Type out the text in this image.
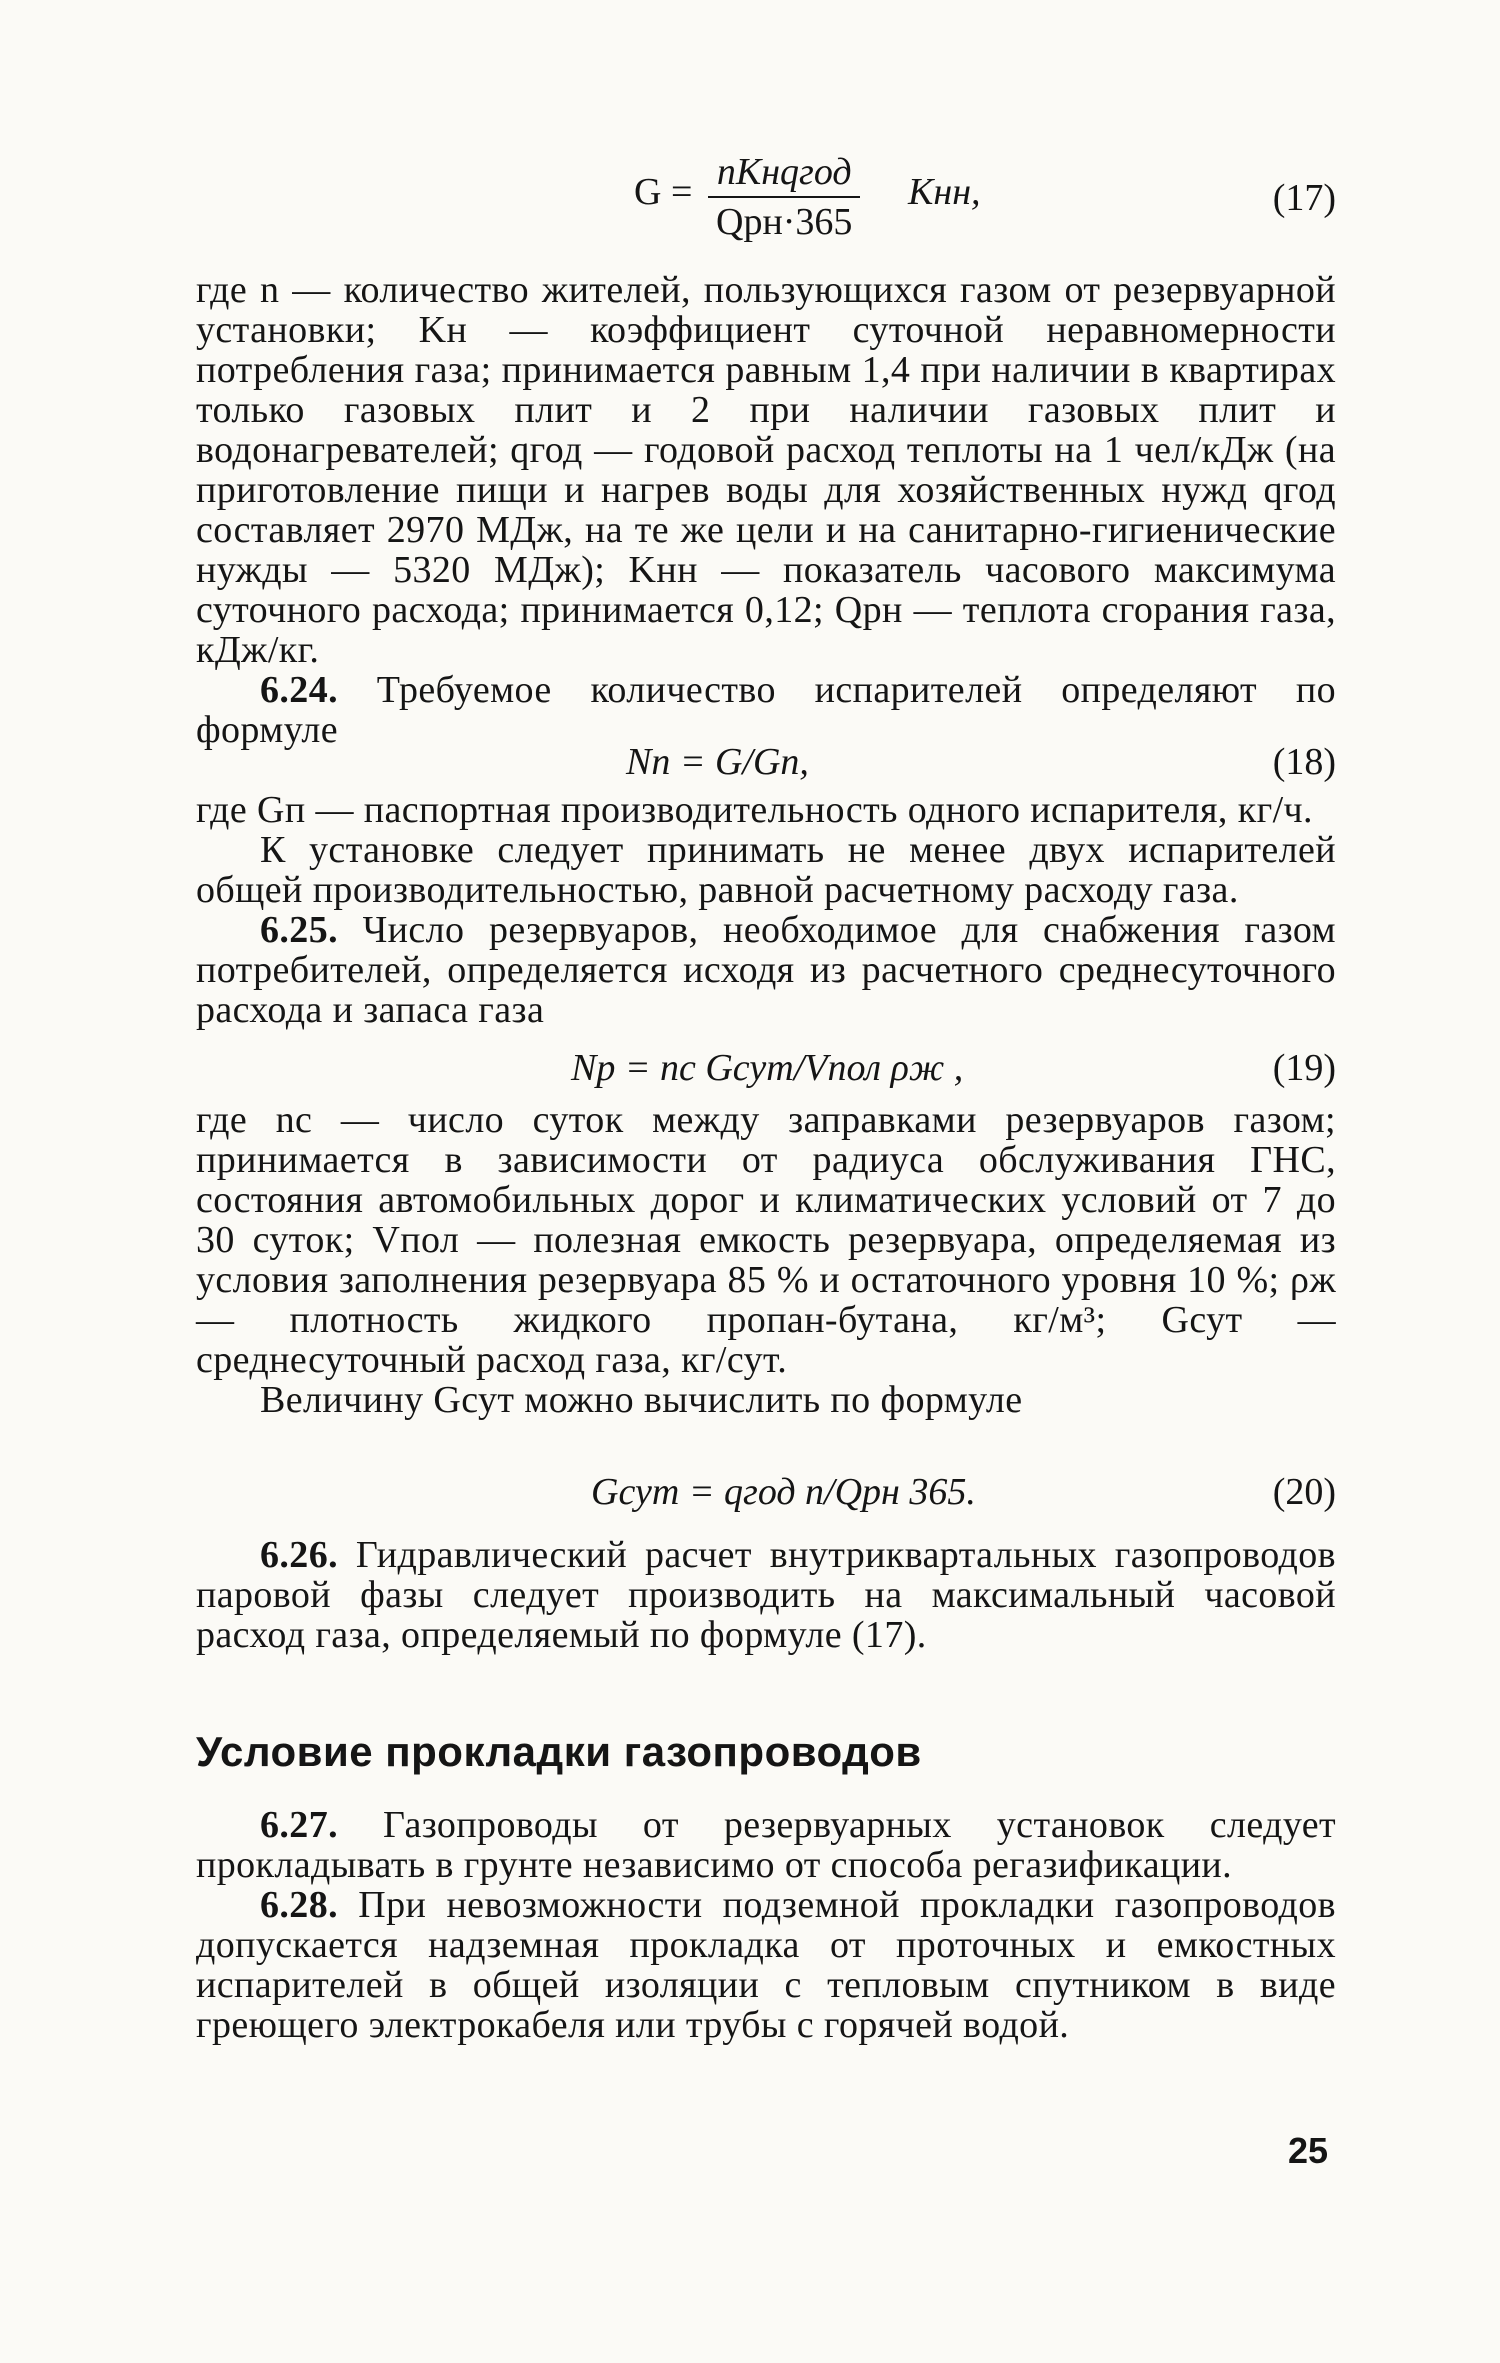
G = nKнqгод
Qрн·365
Kнн,	(17)

где n — количество жителей, пользующихся газом от резервуарной установки; Kн — коэффициент суточной неравномерности потребления газа; принимается равным 1,4 при наличии в квартирах только газовых плит и 2 при наличии газовых плит и водонагревателей; qгод — годовой расход теплоты на 1 чел/кДж (на приготовление пищи и нагрев воды для хозяйственных нужд qгод составляет 2970 МДж, на те же цели и на санитарно-гигиенические нужды — 5320 МДж); Kнн — показатель часового максимума суточного расхода; принимается 0,12; Qрн — теплота сгорания газа, кДж/кг.

6.24. Требуемое количество испарителей определяют по формуле

Nп = G/Gп,	(18)

где Gп — паспортная производительность одного испарителя, кг/ч.

К установке следует принимать не менее двух испарителей общей производительностью, равной расчетному расходу газа.

6.25. Число резервуаров, необходимое для снабжения газом потребителей, определяется исходя из расчетного среднесуточного расхода и запаса газа

Nр = nс Gсут/Vпол ρж ,	(19)

где nс — число суток между заправками резервуаров газом; принимается в зависимости от радиуса обслуживания ГНС, состояния автомобильных дорог и климатических условий от 7 до 30 суток; Vпол — полезная емкость резервуара, определяемая из условия заполнения резервуара 85 % и остаточного уровня 10 %; ρж — плотность жидкого пропан-бутана, кг/м³; Gсут — среднесуточный расход газа, кг/сут.

Величину Gсут можно вычислить по формуле

Gсут = qгод n/Qрн 365.	(20)

6.26. Гидравлический расчет внутриквартальных газопроводов паровой фазы следует производить на максимальный часовой расход газа, определяемый по формуле (17).

Условие прокладки газопроводов

6.27. Газопроводы от резервуарных установок следует прокладывать в грунте независимо от способа регазификации.

6.28. При невозможности подземной прокладки газопроводов допускается надземная прокладка от проточных и емкостных испарителей в общей изоляции с тепловым спутником в виде греющего электрокабеля или трубы с горячей водой.

25
